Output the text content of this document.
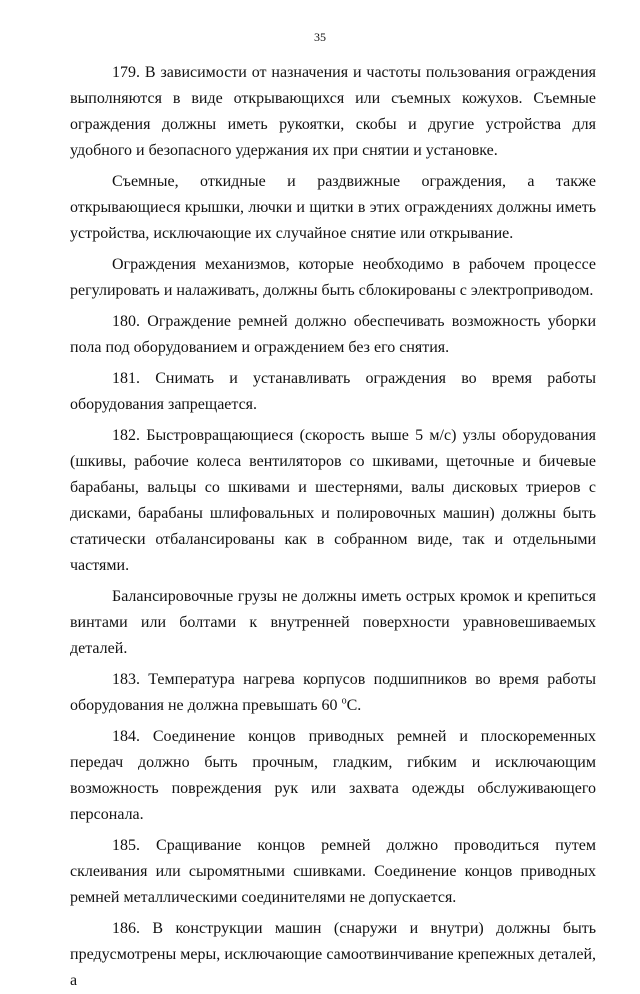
35

179. В зависимости от назначения и частоты пользования ограждения выполняются в виде открывающихся или съемных кожухов. Съемные ограждения должны иметь рукоятки, скобы и другие устройства для удобного и безопасного удержания их при снятии и установке.

Съемные, откидные и раздвижные ограждения, а также открывающиеся крышки, лючки и щитки в этих ограждениях должны иметь устройства, исключающие их случайное снятие или открывание.

Ограждения механизмов, которые необходимо в рабочем процессе регулировать и налаживать, должны быть сблокированы с электроприводом.

180. Ограждение ремней должно обеспечивать возможность уборки пола под оборудованием и ограждением без его снятия.

181. Снимать и устанавливать ограждения во время работы оборудования запрещается.

182. Быстровращающиеся (скорость выше 5 м/с) узлы оборудования (шкивы, рабочие колеса вентиляторов со шкивами, щеточные и бичевые барабаны, вальцы со шкивами и шестернями, валы дисковых триеров с дисками, барабаны шлифовальных и полировочных машин) должны быть статически отбалансированы как в собранном виде, так и отдельными частями.

Балансировочные грузы не должны иметь острых кромок и крепиться винтами или болтами к внутренней поверхности уравновешиваемых деталей.

183. Температура нагрева корпусов подшипников во время работы оборудования не должна превышать 60 $^о$С.

184. Соединение концов приводных ремней и плоскоременных передач должно быть прочным, гладким, гибким и исключающим возможность повреждения рук или захвата одежды обслуживающего персонала.

185. Сращивание концов ремней должно проводиться путем склеивания или сыромятными сшивками. Соединение концов приводных ремней металлическими соединителями не допускается.

186. В конструкции машин (снаружи и внутри) должны быть предусмотрены меры, исключающие самоотвинчивание крепежных деталей, а
